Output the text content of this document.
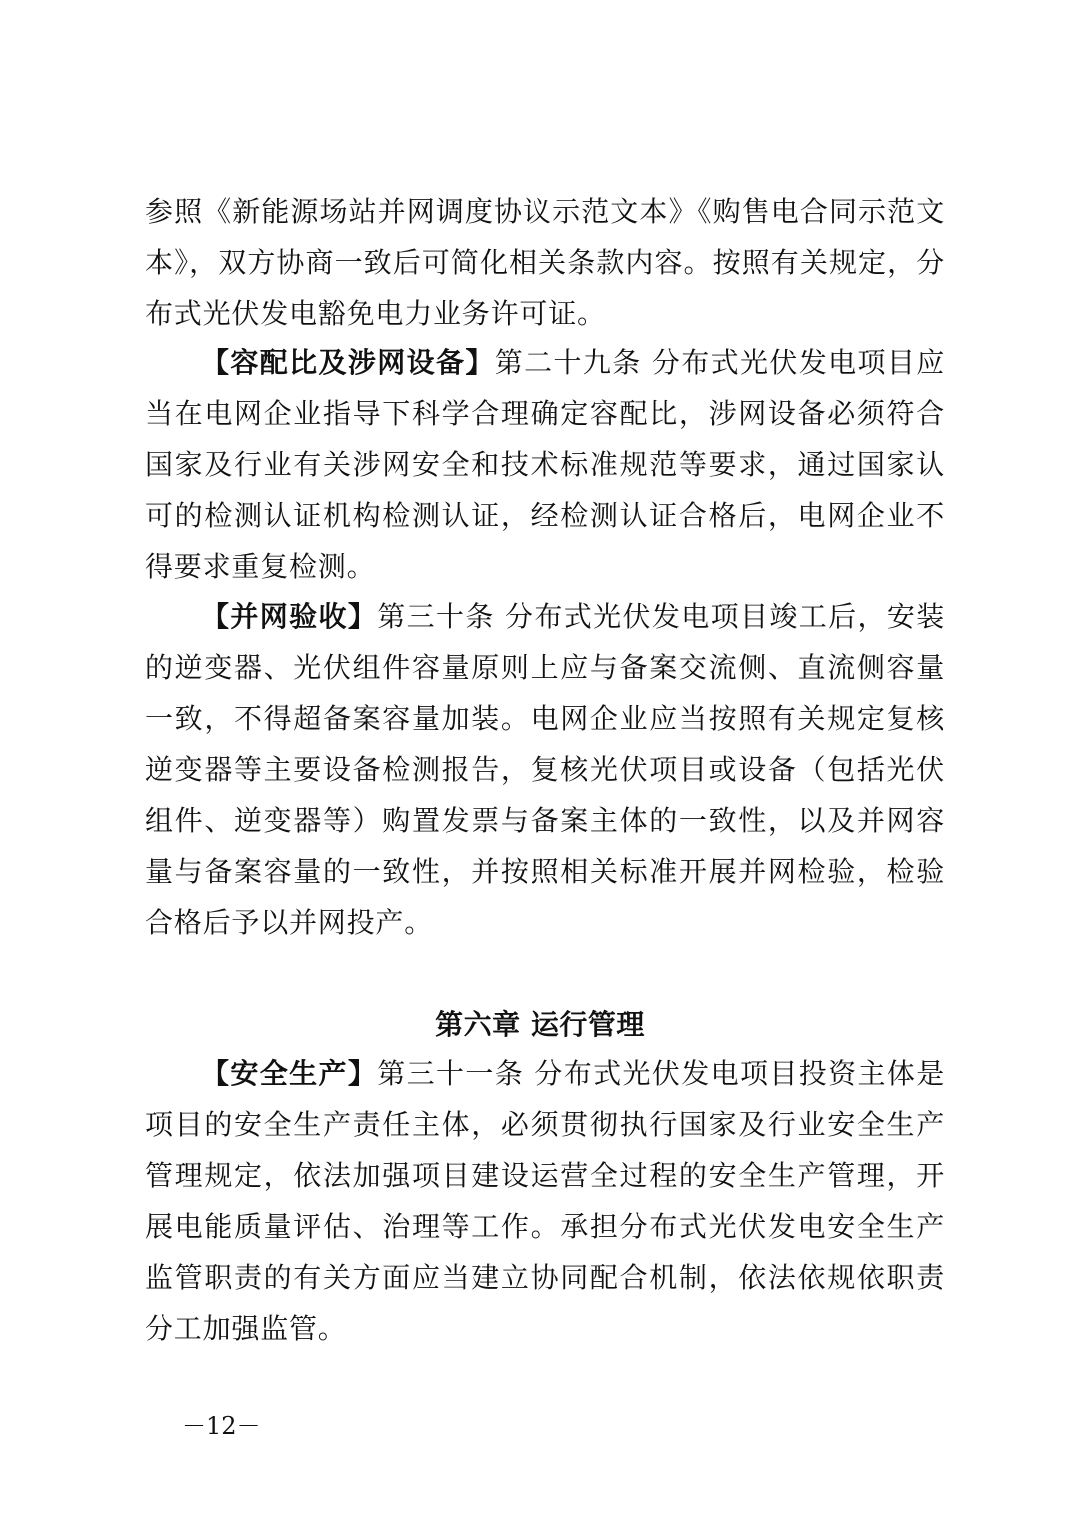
参照《新能源场站并网调度协议示范文本》《购售电合同示范文本》，双方协商一致后可简化相关条款内容。按照有关规定，分布式光伏发电豁免电力业务许可证。

【容配比及涉网设备】第二十九条 分布式光伏发电项目应当在电网企业指导下科学合理确定容配比，涉网设备必须符合国家及行业有关涉网安全和技术标准规范等要求，通过国家认可的检测认证机构检测认证，经检测认证合格后，电网企业不得要求重复检测。

【并网验收】第三十条 分布式光伏发电项目竣工后，安装的逆变器、光伏组件容量原则上应与备案交流侧、直流侧容量一致，不得超备案容量加装。电网企业应当按照有关规定复核逆变器等主要设备检测报告，复核光伏项目或设备（包括光伏组件、逆变器等）购置发票与备案主体的一致性，以及并网容量与备案容量的一致性，并按照相关标准开展并网检验，检验合格后予以并网投产。

第六章 运行管理

【安全生产】第三十一条 分布式光伏发电项目投资主体是项目的安全生产责任主体，必须贯彻执行国家及行业安全生产管理规定，依法加强项目建设运营全过程的安全生产管理，开展电能质量评估、治理等工作。承担分布式光伏发电安全生产监管职责的有关方面应当建立协同配合机制，依法依规依职责分工加强监管。

－12－
